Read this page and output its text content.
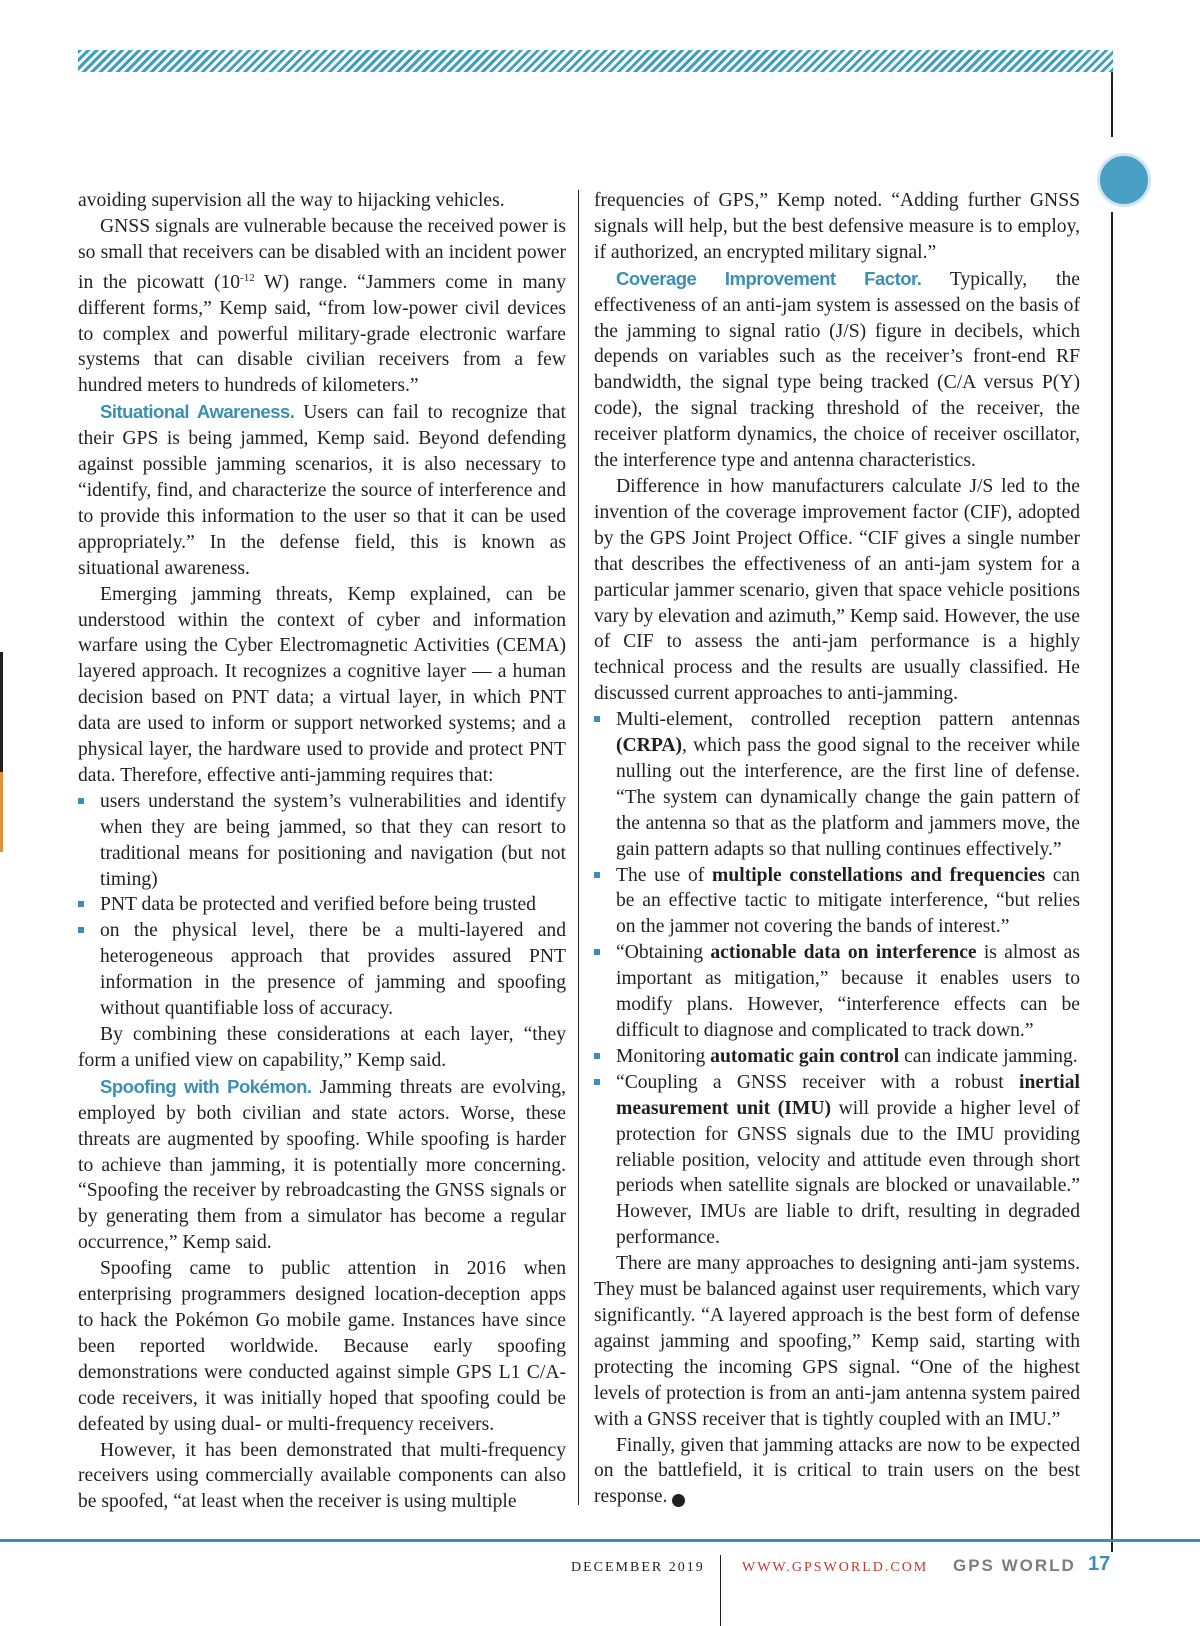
avoiding supervision all the way to hijacking vehicles.

GNSS signals are vulnerable because the received power is so small that receivers can be disabled with an incident power in the picowatt ($10^{-12}$ W) range. “Jammers come in many different forms,” Kemp said, “from low-power civil devices to complex and powerful military-grade electronic warfare systems that can disable civilian receivers from a few hundred meters to hundreds of kilometers.”

Situational Awareness. Users can fail to recognize that their GPS is being jammed, Kemp said. Beyond defending against possible jamming scenarios, it is also necessary to “identify, find, and characterize the source of interference and to provide this information to the user so that it can be used appropriately.” In the defense field, this is known as situational awareness.

Emerging jamming threats, Kemp explained, can be understood within the context of cyber and information warfare using the Cyber Electromagnetic Activities (CEMA) layered approach. It recognizes a cognitive layer — a human decision based on PNT data; a virtual layer, in which PNT data are used to inform or support networked systems; and a physical layer, the hardware used to provide and protect PNT data. Therefore, effective anti-jamming requires that:

users understand the system’s vulnerabilities and identify when they are being jammed, so that they can resort to traditional means for positioning and navigation (but not timing)
PNT data be protected and verified before being trusted
on the physical level, there be a multi-layered and heterogeneous approach that provides assured PNT information in the presence of jamming and spoofing without quantifiable loss of accuracy.

By combining these considerations at each layer, “they form a unified view on capability,” Kemp said.

Spoofing with Pokémon. Jamming threats are evolving, employed by both civilian and state actors. Worse, these threats are augmented by spoofing. While spoofing is harder to achieve than jamming, it is potentially more concerning. “Spoofing the receiver by rebroadcasting the GNSS signals or by generating them from a simulator has become a regular occurrence,” Kemp said.

Spoofing came to public attention in 2016 when enterprising programmers designed location-deception apps to hack the Pokémon Go mobile game. Instances have since been reported worldwide. Because early spoofing demonstrations were conducted against simple GPS L1 C/A-code receivers, it was initially hoped that spoofing could be defeated by using dual- or multi-frequency receivers.

However, it has been demonstrated that multi-frequency receivers using commercially available components can also be spoofed, “at least when the receiver is using multiple

frequencies of GPS,” Kemp noted. “Adding further GNSS signals will help, but the best defensive measure is to employ, if authorized, an encrypted military signal.”

Coverage Improvement Factor. Typically, the effectiveness of an anti-jam system is assessed on the basis of the jamming to signal ratio (J/S) figure in decibels, which depends on variables such as the receiver’s front-end RF bandwidth, the signal type being tracked (C/A versus P(Y) code), the signal tracking threshold of the receiver, the receiver platform dynamics, the choice of receiver oscillator, the interference type and antenna characteristics.

Difference in how manufacturers calculate J/S led to the invention of the coverage improvement factor (CIF), adopted by the GPS Joint Project Office. “CIF gives a single number that describes the effectiveness of an anti-jam system for a particular jammer scenario, given that space vehicle positions vary by elevation and azimuth,” Kemp said. However, the use of CIF to assess the anti-jam performance is a highly technical process and the results are usually classified. He discussed current approaches to anti-jamming.

Multi-element, controlled reception pattern antennas (CRPA), which pass the good signal to the receiver while nulling out the interference, are the first line of defense. “The system can dynamically change the gain pattern of the antenna so that as the platform and jammers move, the gain pattern adapts so that nulling continues effectively.”
The use of multiple constellations and frequencies can be an effective tactic to mitigate interference, “but relies on the jammer not covering the bands of interest.”
“Obtaining actionable data on interference is almost as important as mitigation,” because it enables users to modify plans. However, “interference effects can be difficult to diagnose and complicated to track down.”
Monitoring automatic gain control can indicate jamming.
“Coupling a GNSS receiver with a robust inertial measurement unit (IMU) will provide a higher level of protection for GNSS signals due to the IMU providing reliable position, velocity and attitude even through short periods when satellite signals are blocked or unavailable.” However, IMUs are liable to drift, resulting in degraded performance.

There are many approaches to designing anti-jam systems. They must be balanced against user requirements, which vary significantly. “A layered approach is the best form of defense against jamming and spoofing,” Kemp said, starting with protecting the incoming GPS signal. “One of the highest levels of protection is from an anti-jam antenna system paired with a GNSS receiver that is tightly coupled with an IMU.”

Finally, given that jamming attacks are now to be expected on the battlefield, it is critical to train users on the best response.	⊕

DECEMBER 2019	WWW.GPSWORLD.COM GPS WORLD 17
